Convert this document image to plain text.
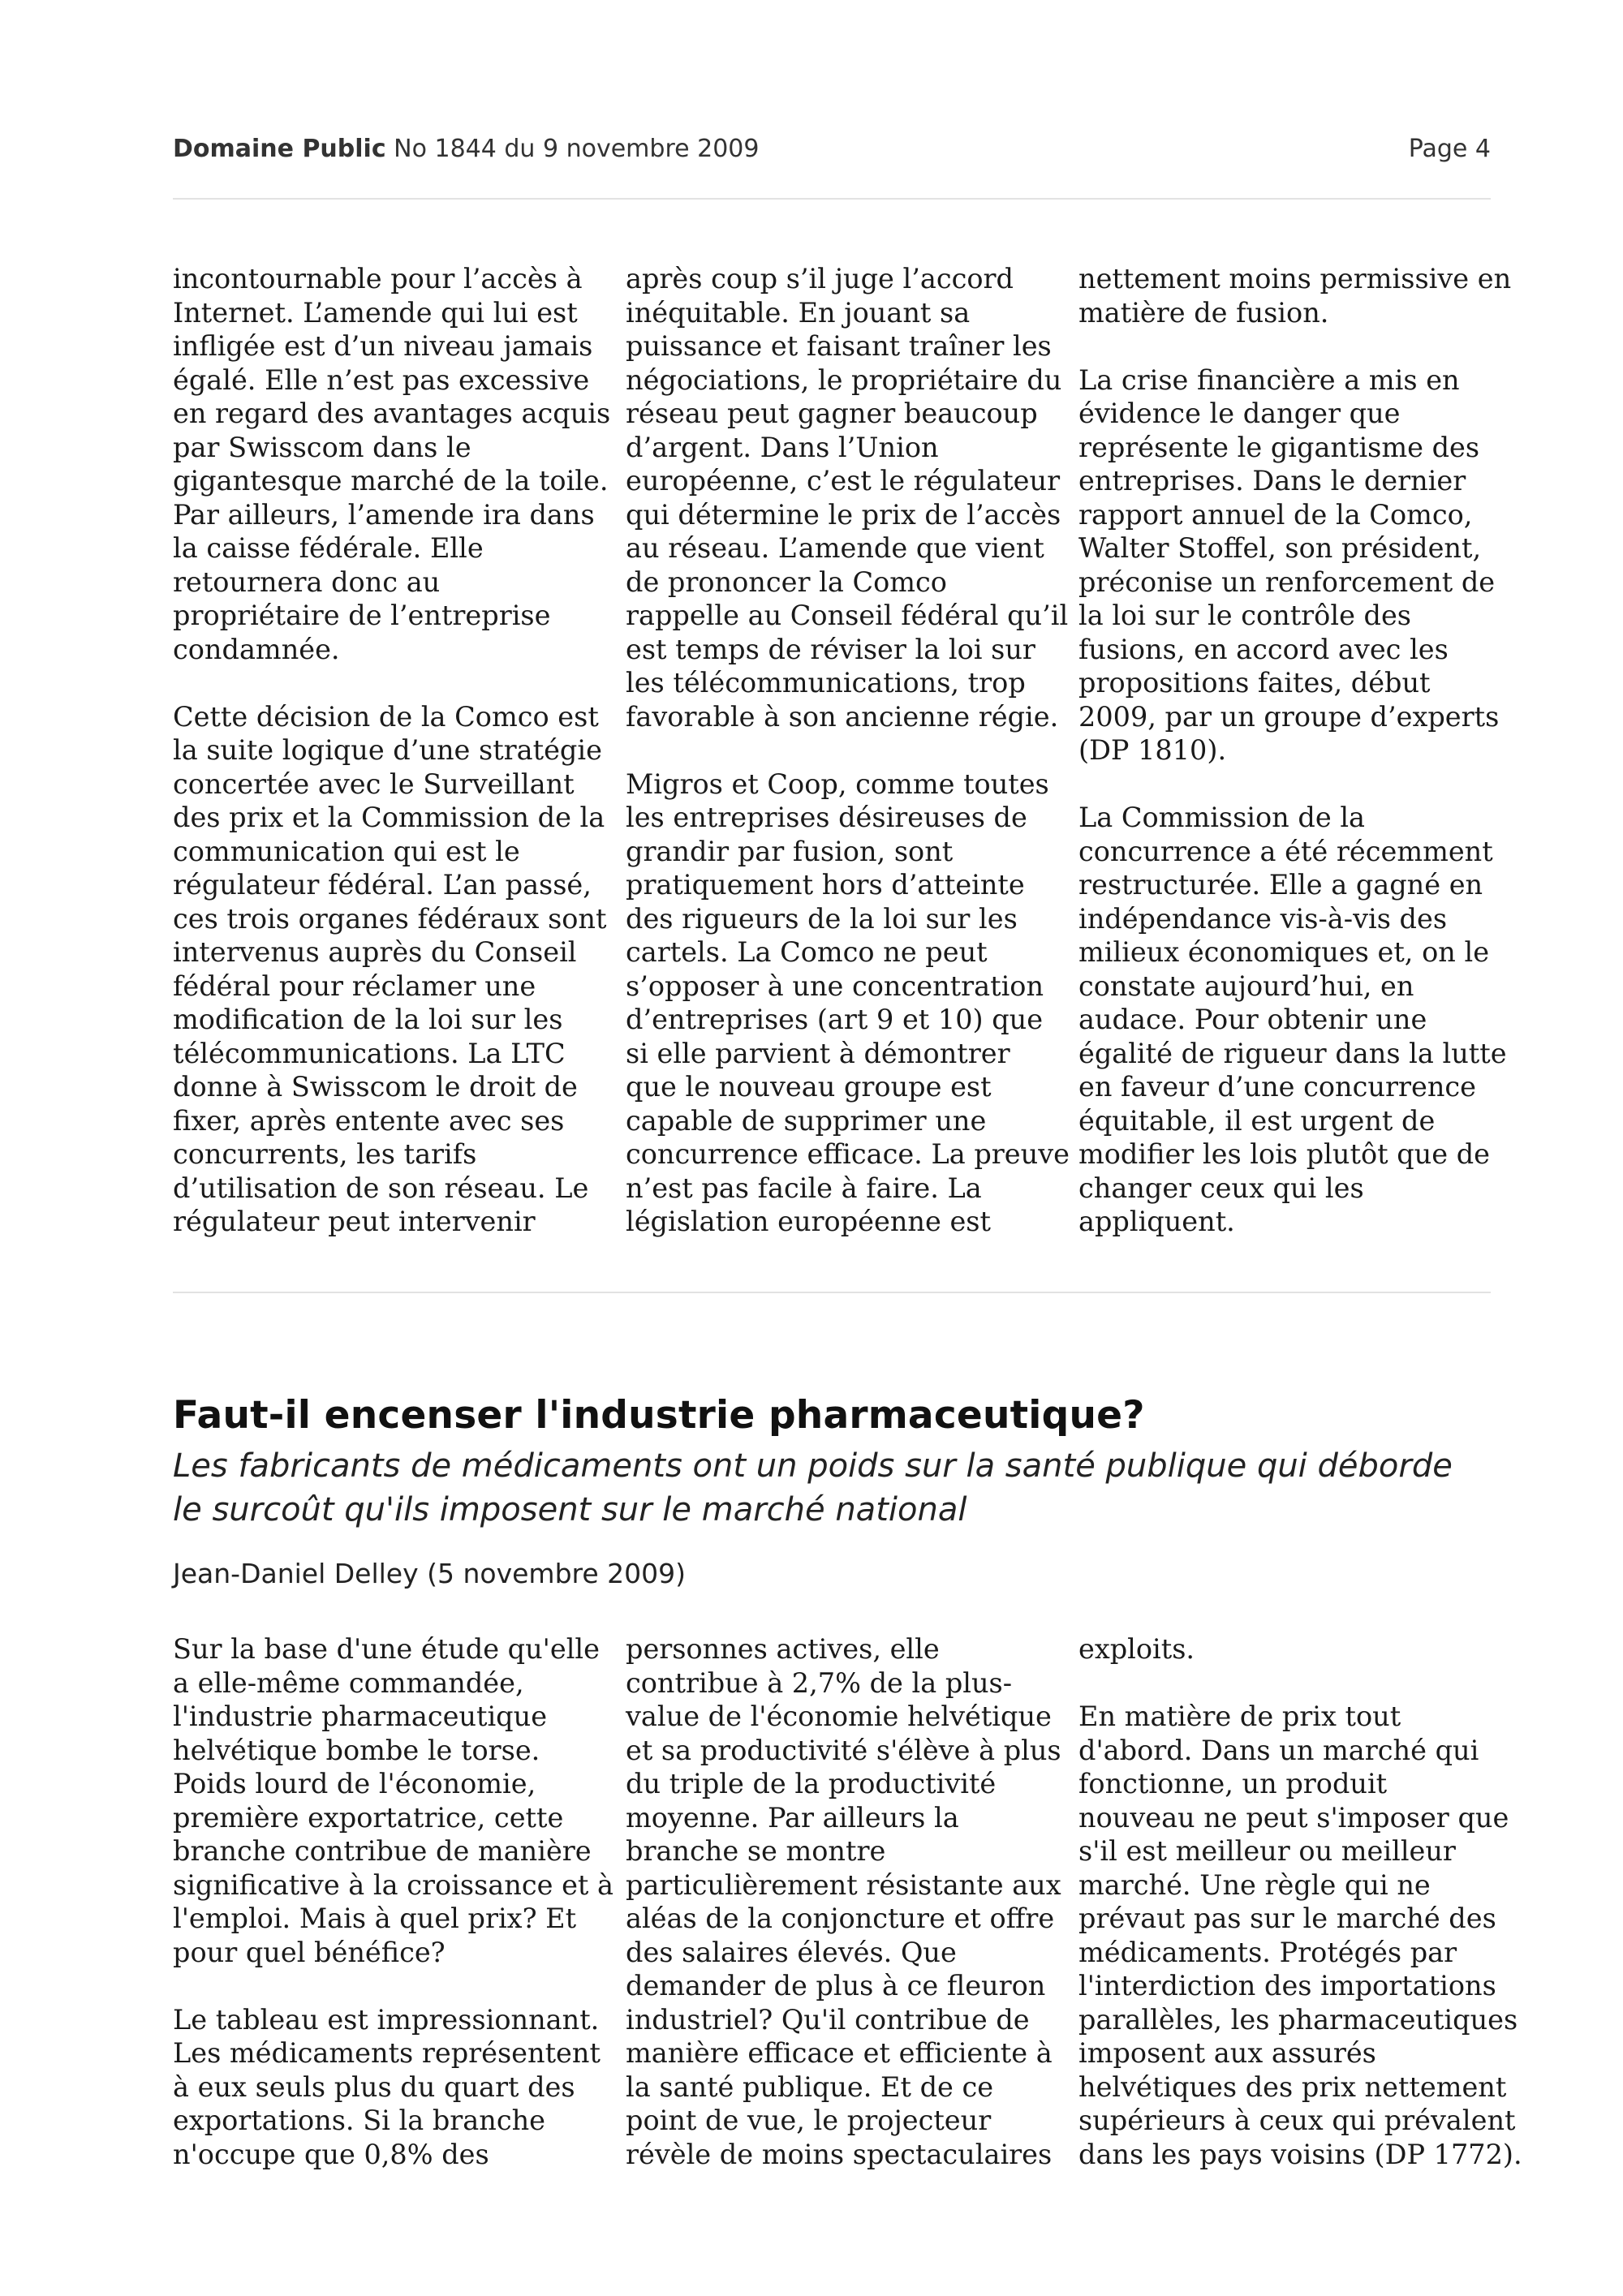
Domaine Public No 1844 du 9 novembre 2009	Page 4
incontournable pour l’accès à
Internet. L’amende qui lui est
infligée est d’un niveau jamais
égalé. Elle n’est pas excessive
en regard des avantages acquis
par Swisscom dans le
gigantesque marché de la toile.
Par ailleurs, l’amende ira dans
la caisse fédérale. Elle
retournera donc au
propriétaire de l’entreprise
condamnée.
Cette décision de la Comco est
la suite logique d’une stratégie
concertée avec le Surveillant
des prix et la Commission de la
communication qui est le
régulateur fédéral. L’an passé,
ces trois organes fédéraux sont
intervenus auprès du Conseil
fédéral pour réclamer une
modification de la loi sur les
télécommunications. La LTC
donne à Swisscom le droit de
fixer, après entente avec ses
concurrents, les tarifs
d’utilisation de son réseau. Le
régulateur peut intervenir
après coup s’il juge l’accord
inéquitable. En jouant sa
puissance et faisant traîner les
négociations, le propriétaire du
réseau peut gagner beaucoup
d’argent. Dans l’Union
européenne, c’est le régulateur
qui détermine le prix de l’accès
au réseau. L’amende que vient
de prononcer la Comco
rappelle au Conseil fédéral qu’il
est temps de réviser la loi sur
les télécommunications, trop
favorable à son ancienne régie.
Migros et Coop, comme toutes
les entreprises désireuses de
grandir par fusion, sont
pratiquement hors d’atteinte
des rigueurs de la loi sur les
cartels. La Comco ne peut
s’opposer à une concentration
d’entreprises (art 9 et 10) que
si elle parvient à démontrer
que le nouveau groupe est
capable de supprimer une
concurrence efficace. La preuve
n’est pas facile à faire. La
législation européenne est
nettement moins permissive en
matière de fusion.
La crise financière a mis en
évidence le danger que
représente le gigantisme des
entreprises. Dans le dernier
rapport annuel de la Comco,
Walter Stoffel, son président,
préconise un renforcement de
la loi sur le contrôle des
fusions, en accord avec les
propositions faites, début
2009, par un groupe d’experts
(DP 1810).
La Commission de la
concurrence a été récemment
restructurée. Elle a gagné en
indépendance vis-à-vis des
milieux économiques et, on le
constate aujourd’hui, en
audace. Pour obtenir une
égalité de rigueur dans la lutte
en faveur d’une concurrence
équitable, il est urgent de
modifier les lois plutôt que de
changer ceux qui les
appliquent.
Faut-il encenser l'industrie pharmaceutique?
Les fabricants de médicaments ont un poids sur la santé publique qui déborde
le surcoût qu'ils imposent sur le marché national
Jean-Daniel Delley (5 novembre 2009)
Sur la base d'une étude qu'elle
a elle-même commandée,
l'industrie pharmaceutique
helvétique bombe le torse.
Poids lourd de l'économie,
première exportatrice, cette
branche contribue de manière
significative à la croissance et à
l'emploi. Mais à quel prix? Et
pour quel bénéfice?
Le tableau est impressionnant.
Les médicaments représentent
à eux seuls plus du quart des
exportations. Si la branche
n'occupe que 0,8% des
personnes actives, elle
contribue à 2,7% de la plus-
value de l'économie helvétique
et sa productivité s'élève à plus
du triple de la productivité
moyenne. Par ailleurs la
branche se montre
particulièrement résistante aux
aléas de la conjoncture et offre
des salaires élevés. Que
demander de plus à ce fleuron
industriel? Qu'il contribue de
manière efficace et efficiente à
la santé publique. Et de ce
point de vue, le projecteur
révèle de moins spectaculaires
exploits.
En matière de prix tout
d'abord. Dans un marché qui
fonctionne, un produit
nouveau ne peut s'imposer que
s'il est meilleur ou meilleur
marché. Une règle qui ne
prévaut pas sur le marché des
médicaments. Protégés par
l'interdiction des importations
parallèles, les pharmaceutiques
imposent aux assurés
helvétiques des prix nettement
supérieurs à ceux qui prévalent
dans les pays voisins (DP 1772).
